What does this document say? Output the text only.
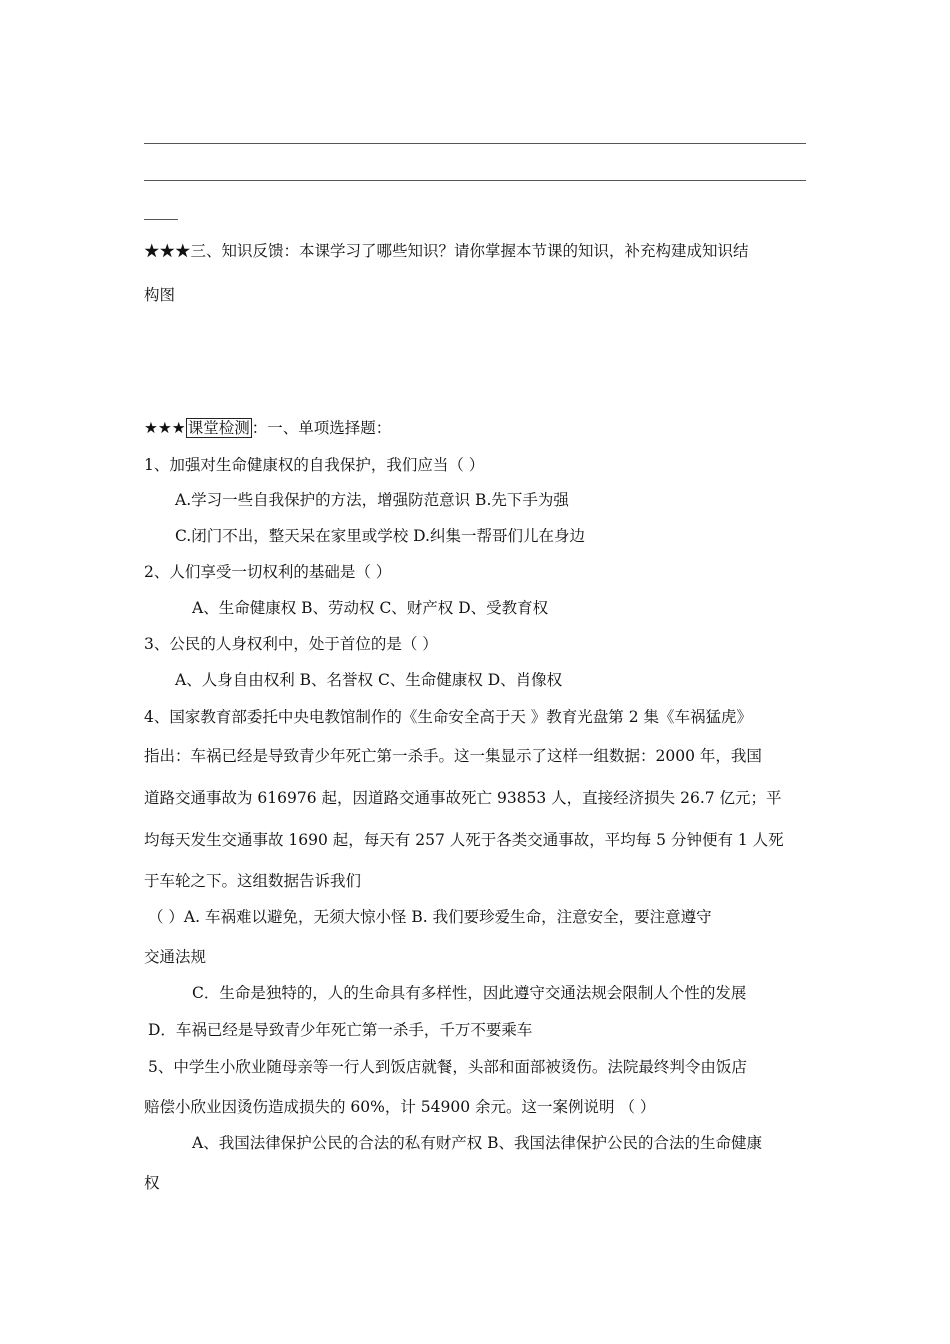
★★★三、知识反馈：本课学习了哪些知识？请你掌握本节课的知识，补充构建成知识结
构图
★★★ 课堂检测 ：一、单项选择题：
1、加强对生命健康权的自我保护，我们应当（ ）
A.学习一些自我保护的方法，增强防范意识 B.先下手为强
C.闭门不出，整天呆在家里或学校 D.纠集一帮哥们儿在身边
2、人们享受一切权利的基础是（ ）
A、生命健康权 B、劳动权 C、财产权 D、受教育权
3、公民的人身权利中，处于首位的是（ ）
A、人身自由权利 B、名誉权 C、生命健康权 D、肖像权
4、国家教育部委托中央电教馆制作的《生命安全高于天 》教育光盘第 2 集《车祸猛虎》
指出：车祸已经是导致青少年死亡第一杀手。这一集显示了这样一组数据：2000 年，我国
道路交通事故为 616976 起，因道路交通事故死亡 93853 人，直接经济损失 26.7 亿元；平
均每天发生交通事故 1690 起，每天有 257 人死于各类交通事故，平均每 5 分钟便有 1 人死
于车轮之下。这组数据告诉我们
（ ）A. 车祸难以避免，无须大惊小怪 B. 我们要珍爱生命，注意安全，要注意遵守
交通法规
C．生命是独特的，人的生命具有多样性，因此遵守交通法规会限制人个性的发展
D．车祸已经是导致青少年死亡第一杀手，千万不要乘车
5、中学生小欣业随母亲等一行人到饭店就餐，头部和面部被烫伤。法院最终判令由饭店
赔偿小欣业因烫伤造成损失的 60%，计 54900 余元。这一案例说明 （ ）
A、我国法律保护公民的合法的私有财产权 B、我国法律保护公民的合法的生命健康
权
